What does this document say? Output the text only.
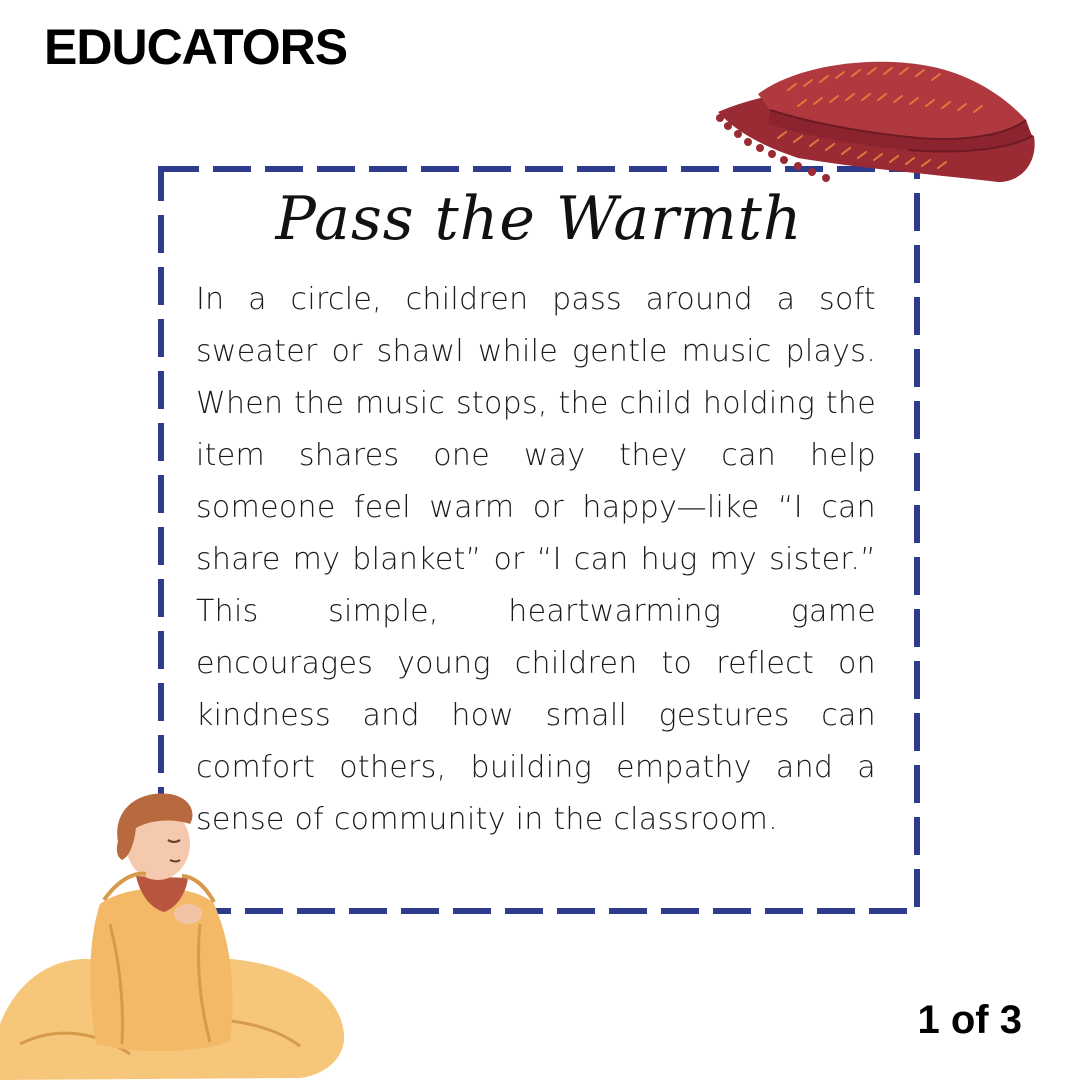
EDUCATORS
Pass the Warmth
In a circle, children pass around a soft sweater or shawl while gentle music plays. When the music stops, the child holding the item shares one way they can help someone feel warm or happy—like “I can share my blanket” or “I can hug my sister.” This simple, heartwarming game encourages young children to reflect on kindness and how small gestures can comfort others, building empathy and a sense of community in the classroom.
1 of 3
